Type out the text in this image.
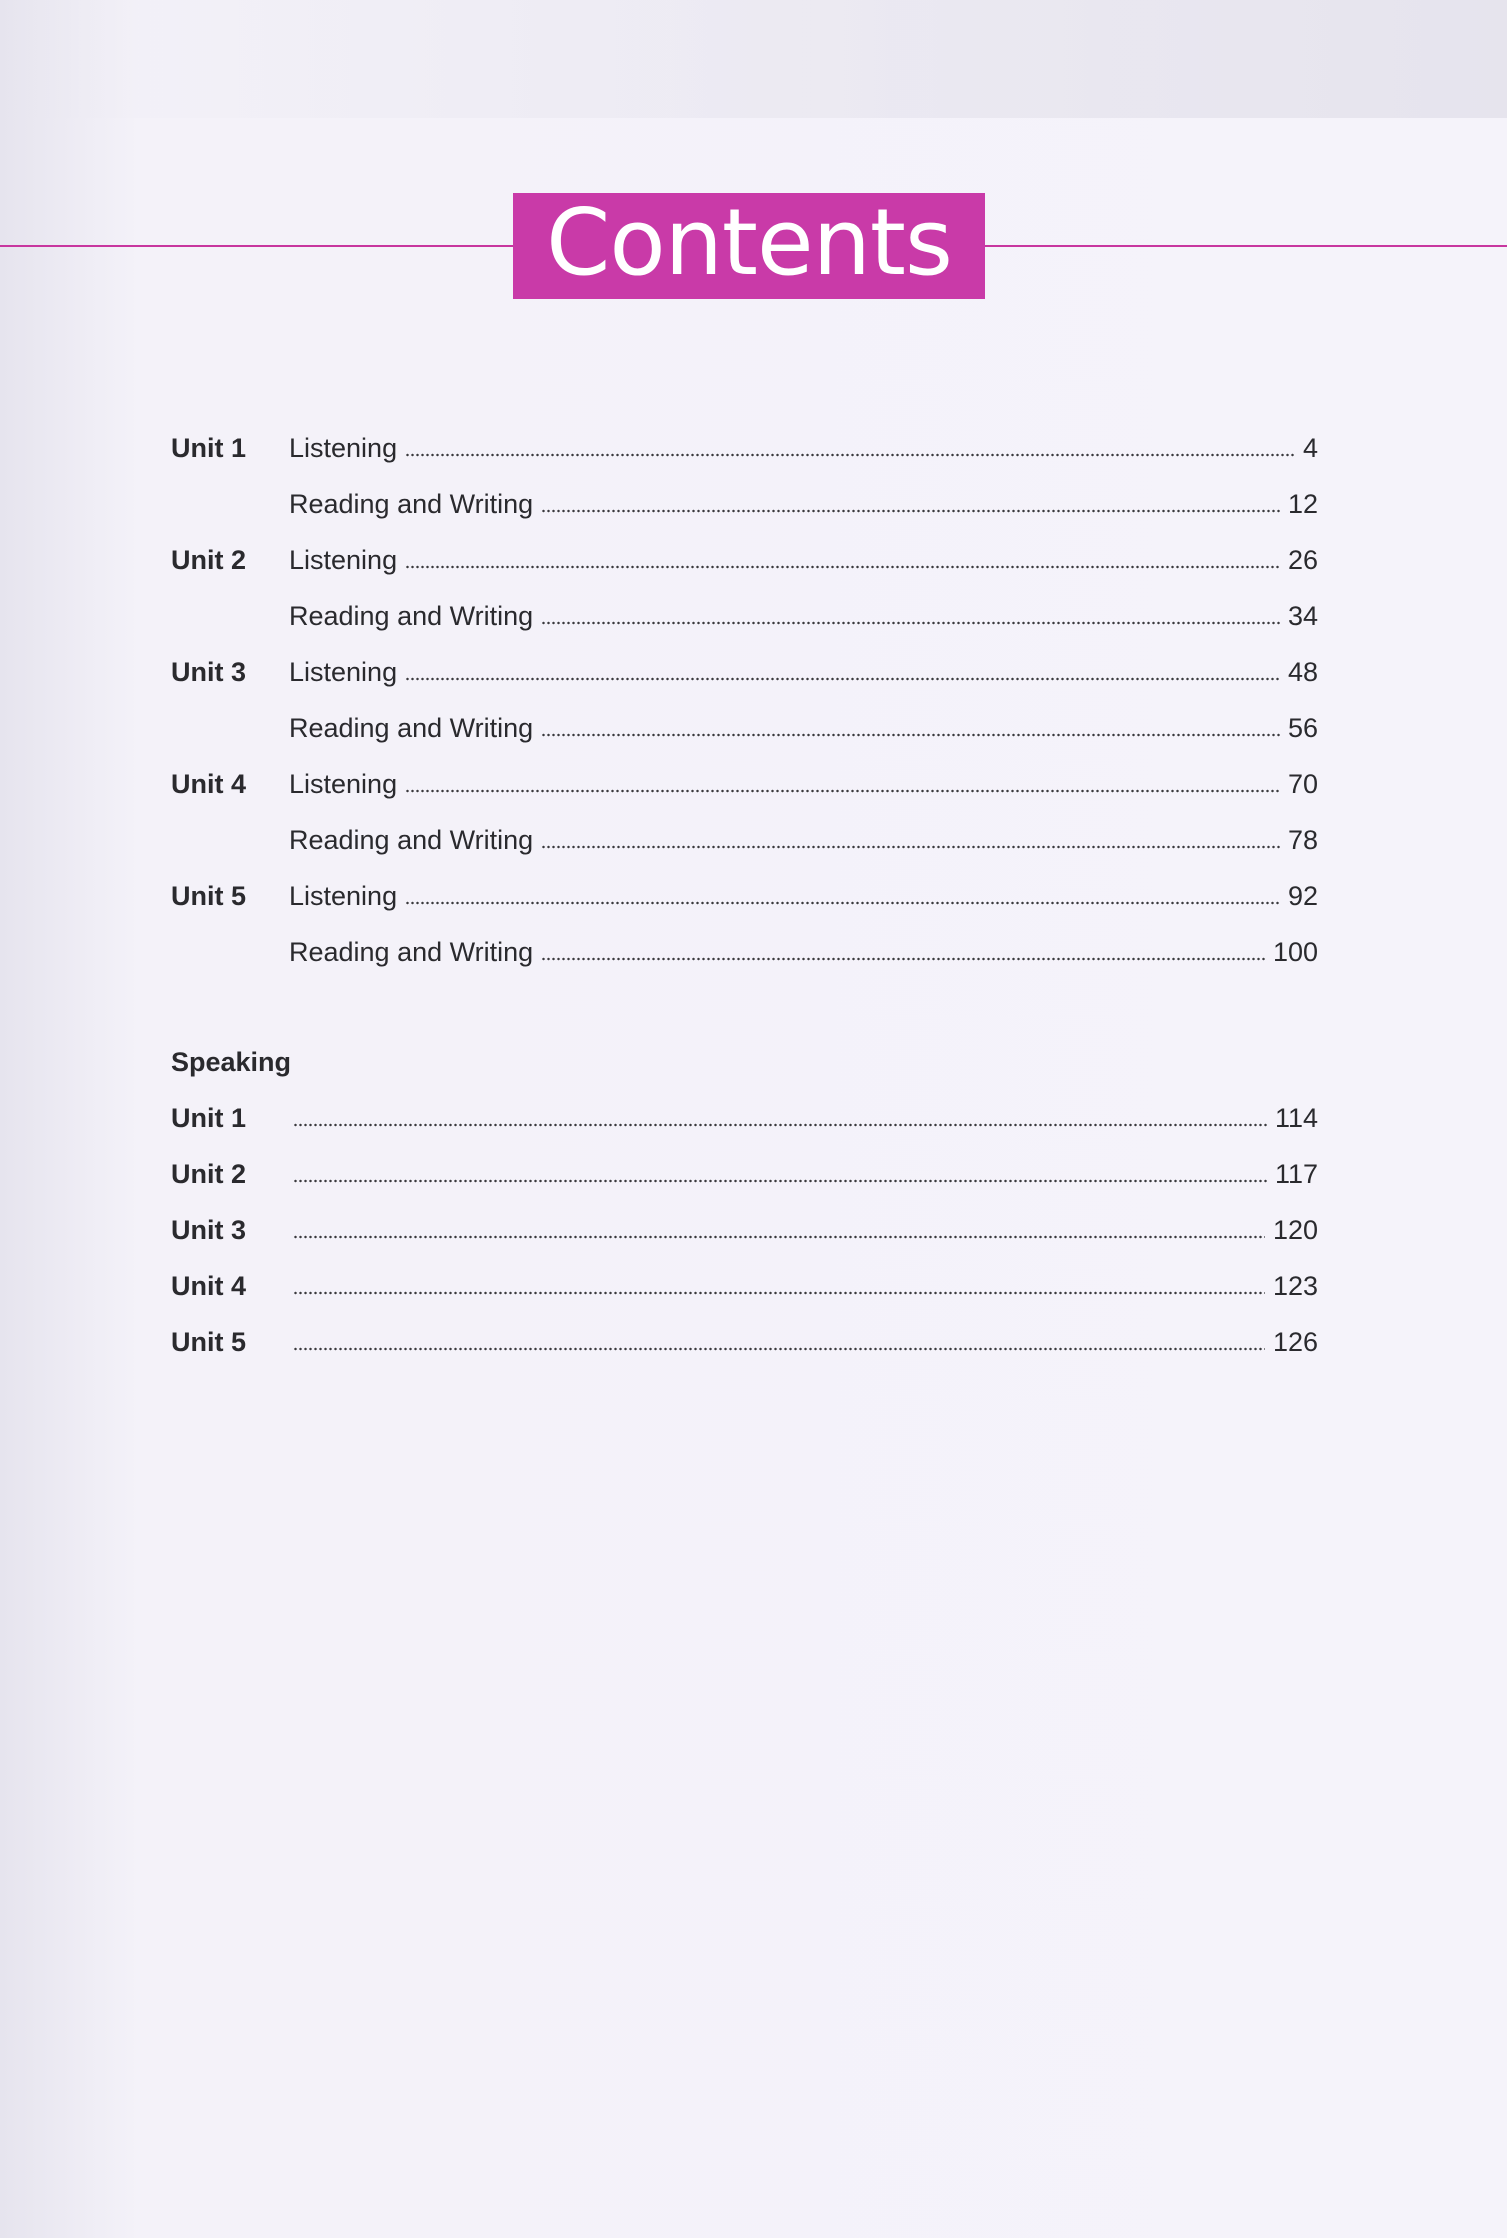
Contents
Unit 1	Listening	4
Reading and Writing	12
Unit 2	Listening	26
Reading and Writing	34
Unit 3	Listening	48
Reading and Writing	56
Unit 4	Listening	70
Reading and Writing	78
Unit 5	Listening	92
Reading and Writing	100
Speaking
Unit 1	114
Unit 2	117
Unit 3	120
Unit 4	123
Unit 5	126
